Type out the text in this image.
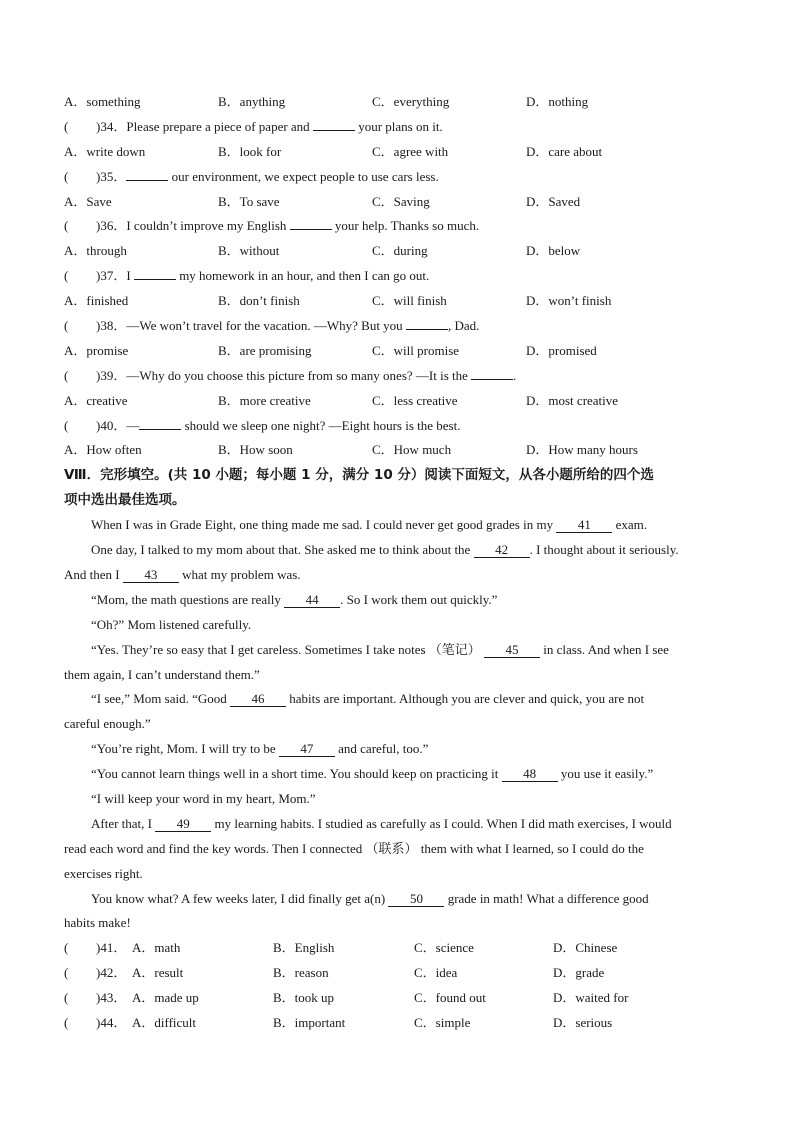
A．something	B．anything	C．everything	D．nothing
( )34．Please prepare a piece of paper and	your plans on it.
A．write down	B．look for	C．agree with	D．care about
( )35．	our environment, we expect people to use cars less.
A．Save	B．To save	C．Saving	D．Saved
( )36．I couldn’t improve my English	your help. Thanks so much.
A．through	B．without	C．during	D．below
( )37．I	my homework in an hour, and then I can go out.
A．finished	B．don’t finish	C．will finish	D．won’t finish
( )38．—We won’t travel for the vacation. —Why? But you	, Dad.
A．promise	B．are promising	C．will promise	D．promised
( )39．—Why do you choose this picture from so many ones? —It is the	.
A．creative	B．more creative	C．less creative	D．most creative
( )40．—	should we sleep one night? —Eight hours is the best.
A．How often	B．How soon	C．How much	D．How many hours
Ⅷ．完形填空。(共 10 小题；每小题 1 分，满分 10 分）阅读下面短文，从各小题所给的四个选
项中选出最佳选项。
When I was in Grade Eight, one thing made me sad. I could never get good grades in my 41 exam.
One day, I talked to my mom about that. She asked me to think about the 42 . I thought about it seriously.
And then I 43 what my problem was.
“Mom, the math questions are really 44 . So I work them out quickly.”
“Oh?” Mom listened carefully.
“Yes. They’re so easy that I get careless. Sometimes I take notes （笔记） 45 in class. And when I see
them again, I can’t understand them.”
“I see,” Mom said. “Good 46 habits are important. Although you are clever and quick, you are not
careful enough.”
“You’re right, Mom. I will try to be 47 and careful, too.”
“You cannot learn things well in a short time. You should keep on practicing it 48 you use it easily.”
“I will keep your word in my heart, Mom.”
After that, I 49 my learning habits. I studied as carefully as I could. When I did math exercises, I would
read each word and find the key words. Then I connected （联系） them with what I learned, so I could do the
exercises right.
You know what? A few weeks later, I did finally get a(n) 50 grade in math! What a difference good
habits make!
( )41． A．math	B．English	C．science	D．Chinese
( )42． A．result	B．reason	C．idea	D．grade
( )43． A．made up	B．took up	C．found out	D．waited for
( )44． A．difficult	B．important	C．simple	D．serious
